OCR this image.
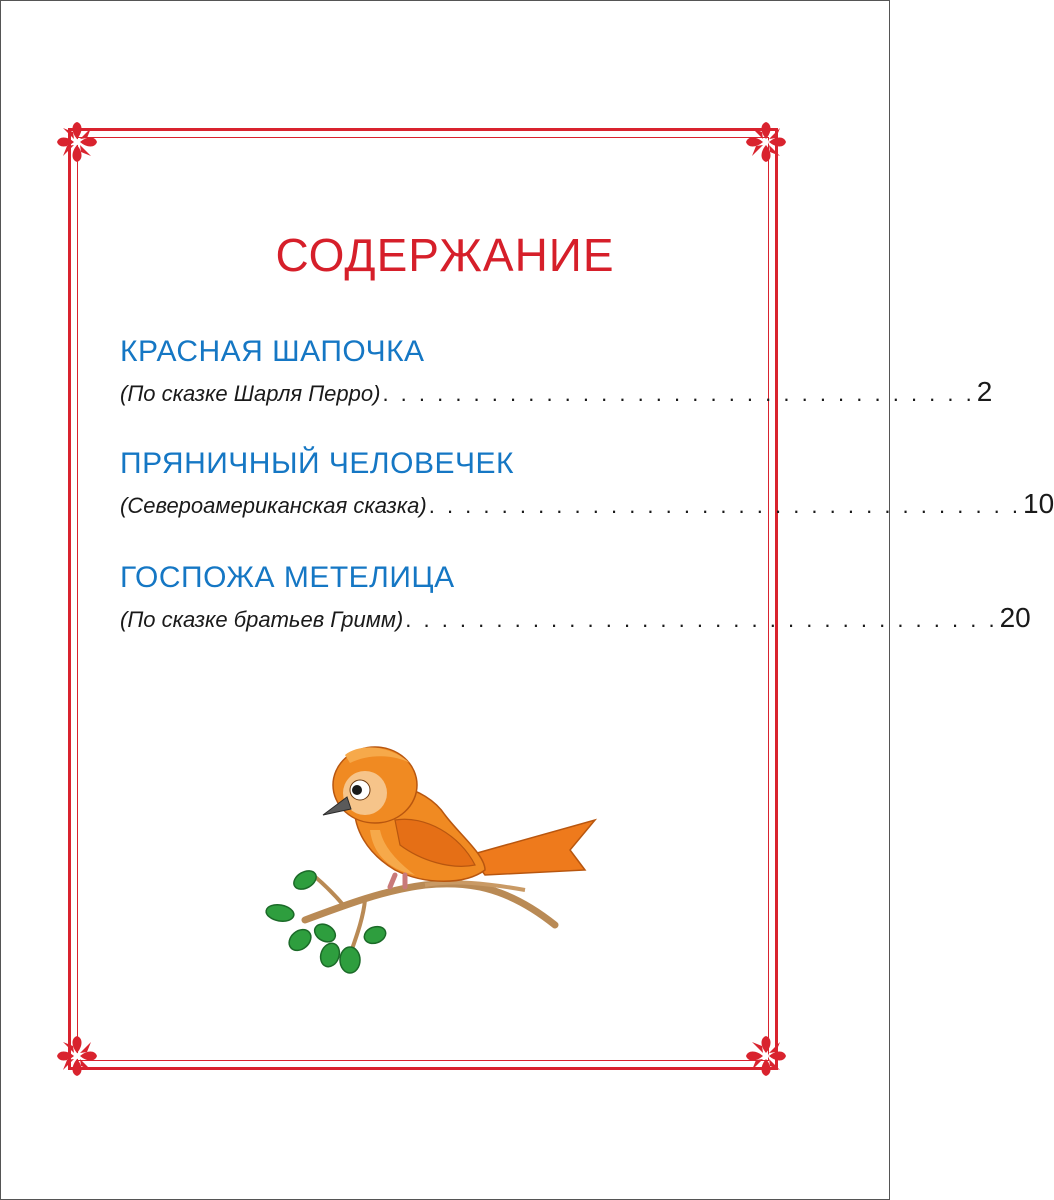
СОДЕРЖАНИЕ
КРАСНАЯ ШАПОЧКА
(По сказке Шарля Перро) . . . . . . . . . . . . . . . . . . . . . . . . . . . . . . . . . 2
ПРЯНИЧНЫЙ ЧЕЛОВЕЧЕК
(Североамериканская сказка) . . . . . . . . . . . . . . . . . . . . . . . . . . . . . . . . . 10
ГОСПОЖА МЕТЕЛИЦА
(По сказке братьев Гримм) . . . . . . . . . . . . . . . . . . . . . . . . . . . . . . . . . 20
